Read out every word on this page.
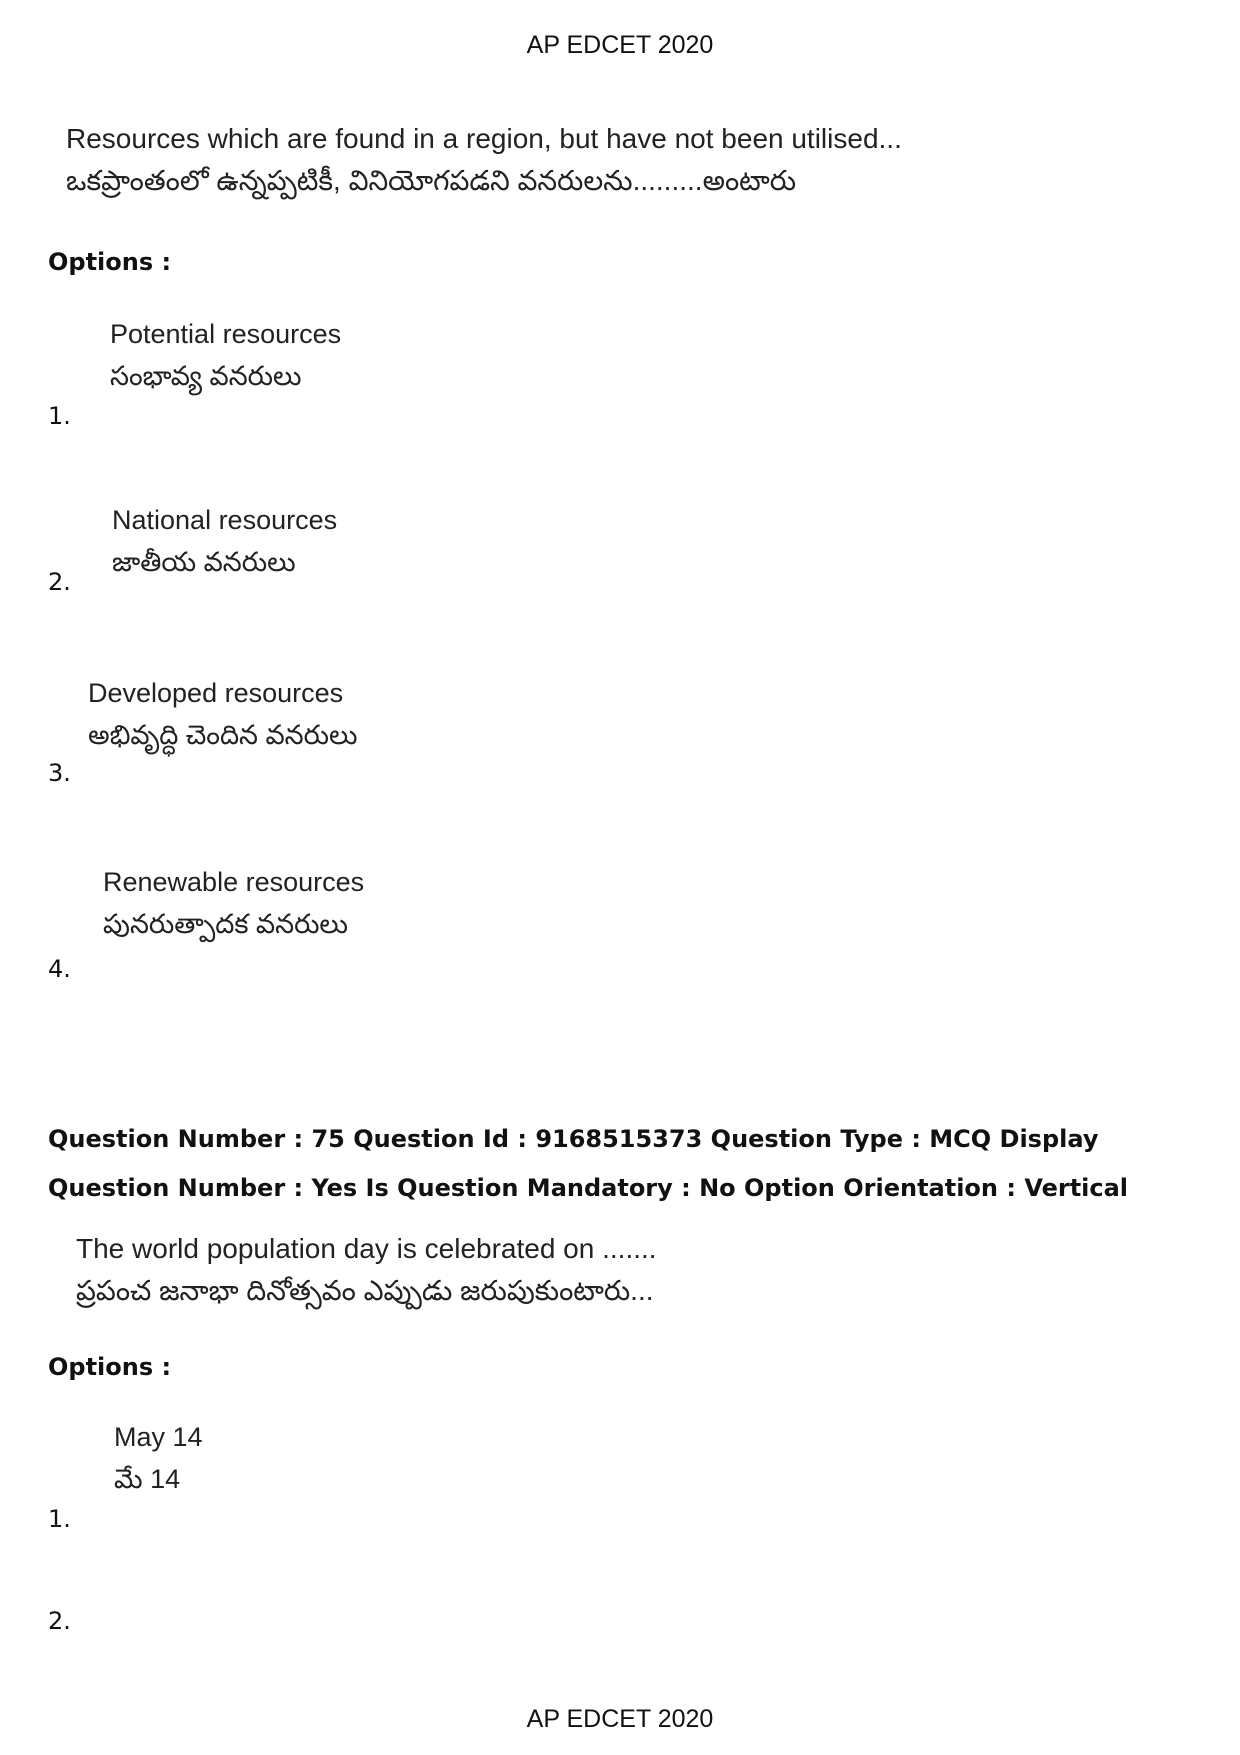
AP EDCET 2020
Resources which are found in a region, but have not been utilised...
ఒకప్రాంతంలో ఉన్నప్పటికీ, వినియోగపడని వనరులను.........అంటారు
Options :
Potential resources
సంభావ్య వనరులు
1.
National resources
జాతీయ వనరులు
2.
Developed resources
అభివృద్ధి చెందిన వనరులు
3.
Renewable resources
పునరుత్పాదక వనరులు
4.
Question Number : 75 Question Id : 9168515373 Question Type : MCQ Display Question Number : Yes Is Question Mandatory : No Option Orientation : Vertical
The world population day is celebrated on .......
ప్రపంచ జనాభా దినోత్సవం ఎప్పుడు జరుపుకుంటారు...
Options :
May 14
మే 14
1.
2.
AP EDCET 2020
